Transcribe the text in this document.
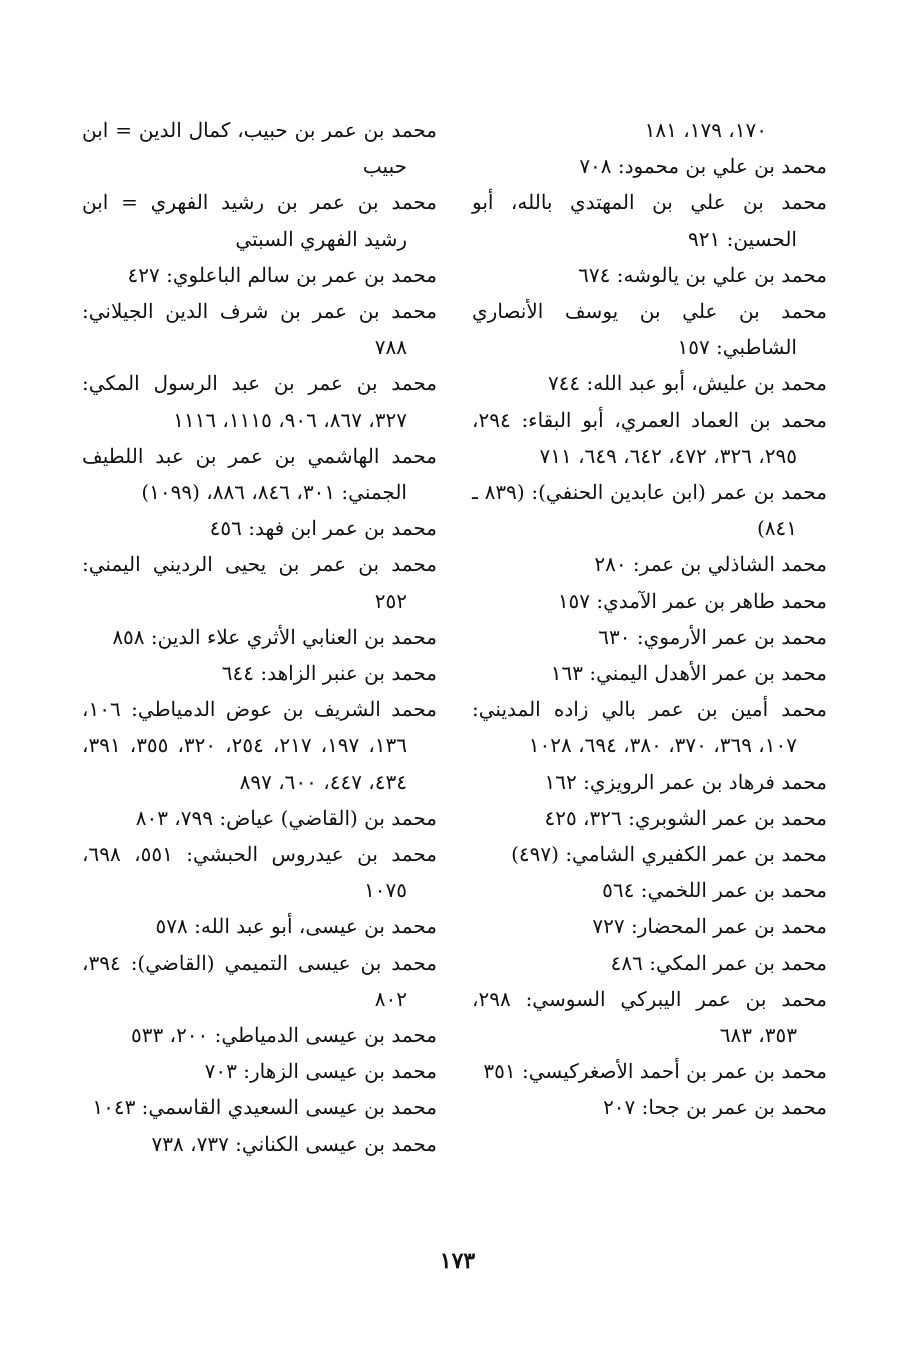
١٧٠، ١٧٩، ١٨١

محمد بن علي بن محمود: ٧٠٨

محمد بن علي بن المهتدي بالله، أبو الحسين: ٩٢١

محمد بن علي بن يالوشه: ٦٧٤

محمد بن علي بن يوسف الأنصاري الشاطبي: ١٥٧

محمد بن عليش، أبو عبد الله: ٧٤٤

محمد بن العماد العمري، أبو البقاء: ٢٩٤، ٢٩٥، ٣٢٦، ٤٧٢، ٦٤٢، ٦٤٩، ٧١١

محمد بن عمر (ابن عابدين الحنفي): (٨٣٩ ـ ٨٤١)

محمد الشاذلي بن عمر: ٢٨٠

محمد طاهر بن عمر الآمدي: ١٥٧

محمد بن عمر الأرموي: ٦٣٠

محمد بن عمر الأهدل اليمني: ١٦٣

محمد أمين بن عمر بالي زاده المديني: ١٠٧، ٣٦٩، ٣٧٠، ٣٨٠، ٦٩٤، ١٠٢٨

محمد فرهاد بن عمر الرويزي: ١٦٢

محمد بن عمر الشوبري: ٣٢٦، ٤٢٥

محمد بن عمر الكفيري الشامي: (٤٩٧)

محمد بن عمر اللخمي: ٥٦٤

محمد بن عمر المحضار: ٧٢٧

محمد بن عمر المكي: ٤٨٦

محمد بن عمر اليبركي السوسي: ٢٩٨، ٣٥٣، ٦٨٣

محمد بن عمر بن أحمد الأصغركيسي: ٣٥١

محمد بن عمر بن جحا: ٢٠٧

محمد بن عمر بن حبيب، كمال الدين = ابن حبيب

محمد بن عمر بن رشيد الفهري = ابن رشيد الفهري السبتي

محمد بن عمر بن سالم الباعلوي: ٤٢٧

محمد بن عمر بن شرف الدين الجيلاني: ٧٨٨

محمد بن عمر بن عبد الرسول المكي: ٣٢٧، ٨٦٧، ٩٠٦، ١١١٥، ١١١٦

محمد الهاشمي بن عمر بن عبد اللطيف الجمني: ٣٠١، ٨٤٦، ٨٨٦، (١٠٩٩)

محمد بن عمر ابن فهد: ٤٥٦

محمد بن عمر بن يحيى الرديني اليمني: ٢٥٢

محمد بن العنابي الأثري علاء الدين: ٨٥٨

محمد بن عنبر الزاهد: ٦٤٤

محمد الشريف بن عوض الدمياطي: ١٠٦، ١٣٦، ١٩٧، ٢١٧، ٢٥٤، ٣٢٠، ٣٥٥، ٣٩١، ٤٣٤، ٤٤٧، ٦٠٠، ٨٩٧

محمد بن (القاضي) عياض: ٧٩٩، ٨٠٣

محمد بن عيدروس الحبشي: ٥٥١، ٦٩٨، ١٠٧٥

محمد بن عيسى، أبو عبد الله: ٥٧٨

محمد بن عيسى التميمي (القاضي): ٣٩٤، ٨٠٢

محمد بن عيسى الدمياطي: ٢٠٠، ٥٣٣

محمد بن عيسى الزهار: ٧٠٣

محمد بن عيسى السعيدي القاسمي: ١٠٤٣

محمد بن عيسى الكناني: ٧٣٧، ٧٣٨

١٧٣
